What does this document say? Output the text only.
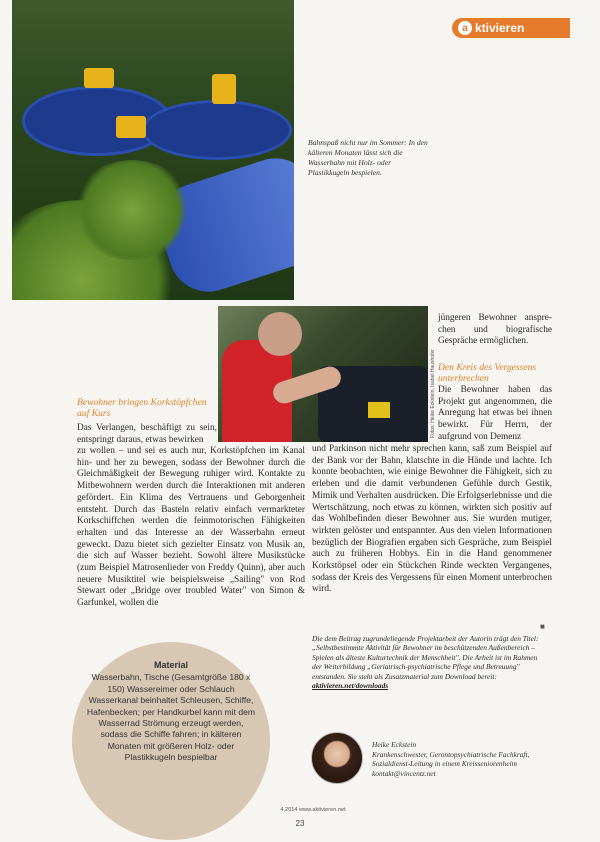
a ktivieren
Bahnspaß nicht nur im Sommer: In den kälteren Monaten lässt sich die Wasserbahn mit Holz- oder Plastikkugeln bespielen.
Fotos: Heike Eckstein, Isabel Haushofer
jüngeren Bewohner anspre-chen und biografische Gespräche ermöglichen.
Bewohner bringen Korkstöpfchen auf Kurs
Das Verlangen, beschäftigt zu sein, entspringt daraus, etwas bewirken
zu wollen – und sei es auch nur, Korkstöpfchen im Kanal hin- und her zu bewegen, sodass der Bewohner durch die Gleichmäßigkeit der Bewegung ruhiger wird. Kontakte zu Mitbewohnern werden durch die Interaktionen mit anderen gefördert. Ein Klima des Vertrauens und Geborgenheit entsteht. Durch das Basteln relativ einfach vermarkteter Korkschiffchen werden die feinmotorischen Fähigkeiten erhalten und das Interesse an der Wasserbahn erneut geweckt. Dazu bietet sich gezielter Einsatz von Musik an, die sich auf Wasser bezieht. Sowohl ältere Musikstücke (zum Beispiel Matrosenlieder von Freddy Quinn), aber auch neuere Musiktitel wie beispielsweise „Sailing" von Rod Stewart oder „Bridge over troubled Water" von Simon & Garfunkel, wollen die
Den Kreis des Vergessens unterbrechen
Die Bewohner haben das Projekt gut angenommen, die Anregung hat etwas bei ihnen bewirkt. Für Herrn, der aufgrund von Demenz
und Parkinson nicht mehr sprechen kann, saß zum Beispiel auf der Bank vor der Bahn, klatschte in die Hände und lachte. Ich konnte beobachten, wie einige Bewohner die Fähigkeit, sich zu erleben und die damit verbundenen Gefühle durch Gestik, Mimik und Verhalten ausdrücken. Die Erfolgserlebnisse und die Wertschätzung, noch etwas zu können, wirkten sich positiv auf das Wohlbefinden dieser Bewohner aus. Sie wurden mutiger, wirkten gelöster und entspannter. Aus den vielen Informationen bezüglich der Biografien ergaben sich Gespräche, zum Beispiel auch zu früheren Hobbys. Ein in die Hand genommener Korkstöpsel oder ein Stückchen Rinde weckten Vergangenes, sodass der Kreis des Vergessens für einen Moment unterbrochen wird.
■
Die dem Beitrag zugrundeliegende Projektarbeit der Autorin trägt den Titel: „Selbstbestimmte Aktivität für Bewohner im beschützenden Außenbereich – Spielen als älteste Kulturtechnik der Menschheit". Die Arbeit ist im Rahmen der Weiterbildung „Geriatrisch-psychiatrische Pflege und Betreuung" entstanden. Sie steht als Zusatzmaterial zum Download bereit: aktivieren.net/downloads
Material
Wasserbahn, Tische (Gesamtgröße 180 x 150) Wassereimer oder Schlauch Wasserkanal beinhaltet Schleusen, Schiffe, Hafenbecken; per Handkurbel kann mit dem Wasserrad Strömung erzeugt werden, sodass die Schiffe fahren; in kälteren Monaten mit größeren Holz- oder Plastikkugeln bespielbar
Heike Eckstein
Krankenschwester, Gerontopsychiatrische Fachkraft, Sozialdienst-Leitung in einem Kreisseniorenheim
kontakt@vincentz.net
4.2014 www.aktivieren.net
23
